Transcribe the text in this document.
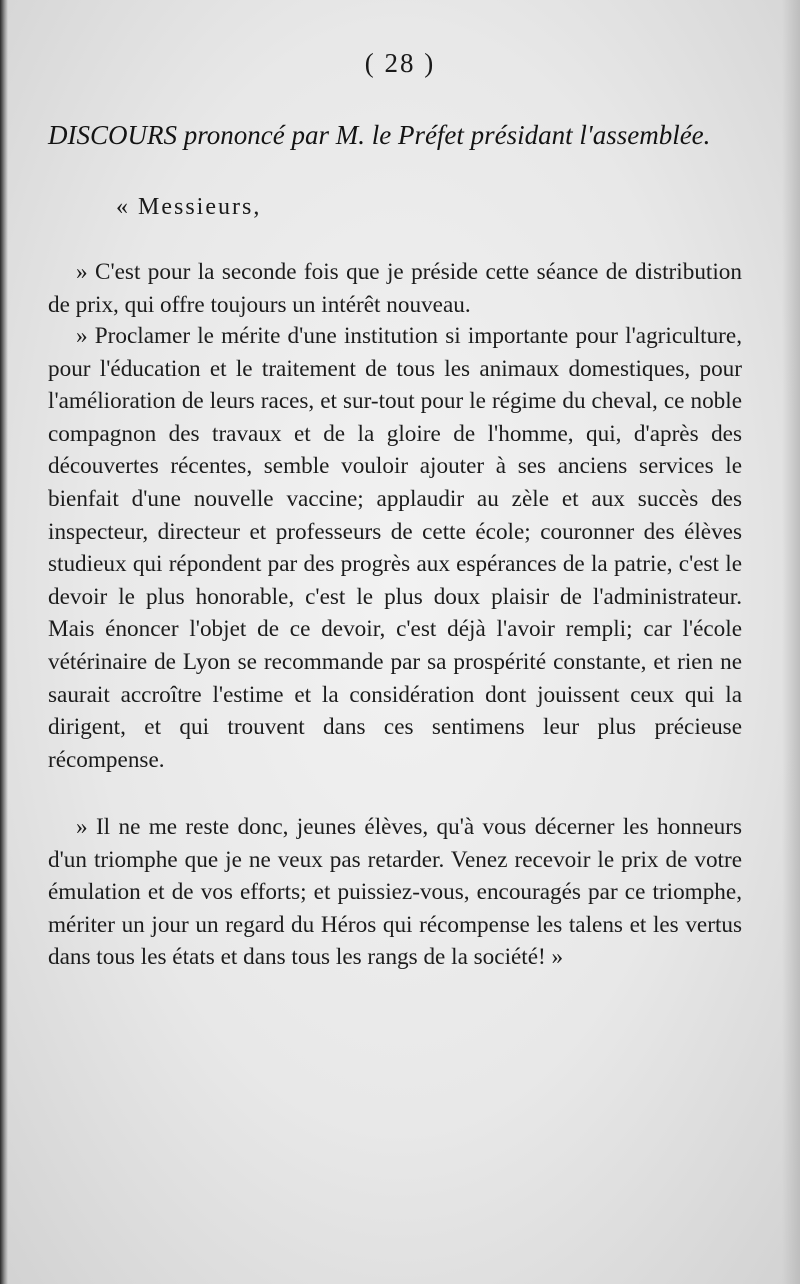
( 28 )
DISCOURS prononcé par M. le Préfet présidant l'assemblée.
« Messieurs,

» C'est pour la seconde fois que je préside cette séance de distribution de prix, qui offre toujours un intérêt nouveau.

» Proclamer le mérite d'une institution si importante pour l'agriculture, pour l'éducation et le traitement de tous les animaux domestiques, pour l'amélioration de leurs races, et sur-tout pour le régime du cheval, ce noble compagnon des travaux et de la gloire de l'homme, qui, d'après des découvertes récentes, semble vouloir ajouter à ses anciens services le bienfait d'une nouvelle vaccine; applaudir au zèle et aux succès des inspecteur, directeur et professeurs de cette école; couronner des élèves studieux qui répondent par des progrès aux espérances de la patrie, c'est le devoir le plus honorable, c'est le plus doux plaisir de l'administrateur. Mais énoncer l'objet de ce devoir, c'est déjà l'avoir rempli; car l'école vétérinaire de Lyon se recommande par sa prospérité constante, et rien ne saurait accroître l'estime et la considération dont jouissent ceux qui la dirigent, et qui trouvent dans ces sentimens leur plus précieuse récompense.

» Il ne me reste donc, jeunes élèves, qu'à vous décerner les honneurs d'un triomphe que je ne veux pas retarder. Venez recevoir le prix de votre émulation et de vos efforts; et puissiez-vous, encouragés par ce triomphe, mériter un jour un regard du Héros qui récompense les talens et les vertus dans tous les états et dans tous les rangs de la société! »
